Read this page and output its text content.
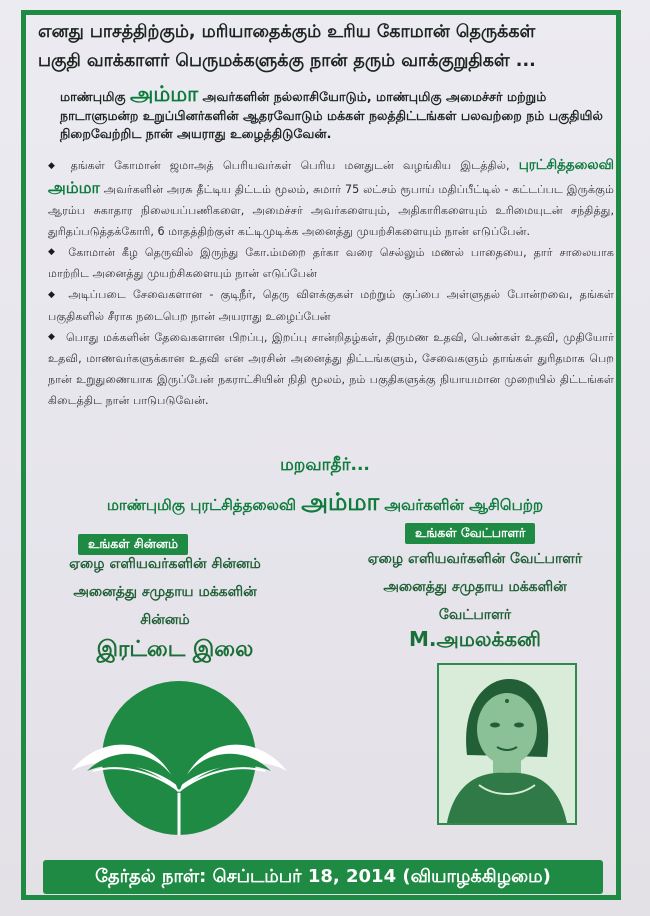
எனது பாசத்திற்கும், மரியாதைக்கும் உரிய கோமான் தெருக்கள்
பகுதி வாக்காளர் பெருமக்களுக்கு நான் தரும் வாக்குறுதிகள் ...
மாண்புமிகு அம்மா அவர்களின் நல்லாசியோடும், மாண்புமிகு அமைச்சர் மற்றும் நாடாளுமன்ற உறுப்பினர்களின் ஆதரவோடும் மக்கள் நலத்திட்டங்கள் பலவற்றை நம் பகுதியில் நிறைவேற்றிட நான் அயராது உழைத்திடுவேன்.

◆ தங்கள் கோமான் ஜமாஅத் பெரியவர்கள் பெரிய மனதுடன் வழங்கிய இடத்தில், புரட்சித்தலைவி அம்மா அவர்களின் அரசு தீட்டிய திட்டம் மூலம், சுமார் 75 லட்சம் ரூபாய் மதிப்பீட்டில் - கட்டப்பட இருக்கும் ஆரம்ப சுகாதார நிலையப்பணிகளை, அமைச்சர் அவர்களையும், அதிகாரிகளையும் உரிமையுடன் சந்தித்து, துரிதப்படுத்தக்கோரி, 6 மாதத்திற்குள் கட்டிமுடிக்க அனைத்து முயற்சிகளையும் நான் எடுப்பேன்.

◆ கோமான் கீழ தெருவில் இருந்து கோ.ம்மறை தர்கா வரை செல்லும் மணல் பாதையை, தார் சாலையாக மாற்றிட அனைத்து முயற்சிகளையும் நான் எடுப்பேன்

◆ அடிப்படை சேவைகளான - குடிநீர், தெரு விளக்குகள் மற்றும் குப்பை அள்ளுதல் போன்றவை, தங்கள் பகுதிகளில் சீராக நடைபெற நான் அயராது உழைப்பேன்

◆ பொது மக்களின் தேவைகளான பிறப்பு, இறப்பு சான்றிதழ்கள், திருமண உதவி, பெண்கள் உதவி, முதியோர் உதவி, மாணவர்களுக்கான உதவி என அரசின் அனைத்து திட்டங்களும், சேவைகளும் தாங்கள் துரிதமாக பெற நான் உறுதுணையாக இருப்பேன் நகராட்சியின் நிதி மூலம், நம் பகுதிகளுக்கு நியாயமான முறையில் திட்டங்கள் கிடைத்திட நான் பாடுபடுவேன்.

மறவாதீர்...
மாண்புமிகு புரட்சித்தலைவி அம்மா அவர்களின் ஆசிபெற்ற
உங்கள் சின்னம்
உங்கள் வேட்பாளர்
ஏழை எளியவர்களின் சின்னம்
அனைத்து சமுதாய மக்களின்
சின்னம்
ஏழை எளியவர்களின் வேட்பாளர்
அனைத்து சமுதாய மக்களின்
வேட்பாளர்
இரட்டை இலை	M.அமலக்கனி
தேர்தல் நாள்: செப்டம்பர் 18, 2014 (வியாழக்கிழமை)
